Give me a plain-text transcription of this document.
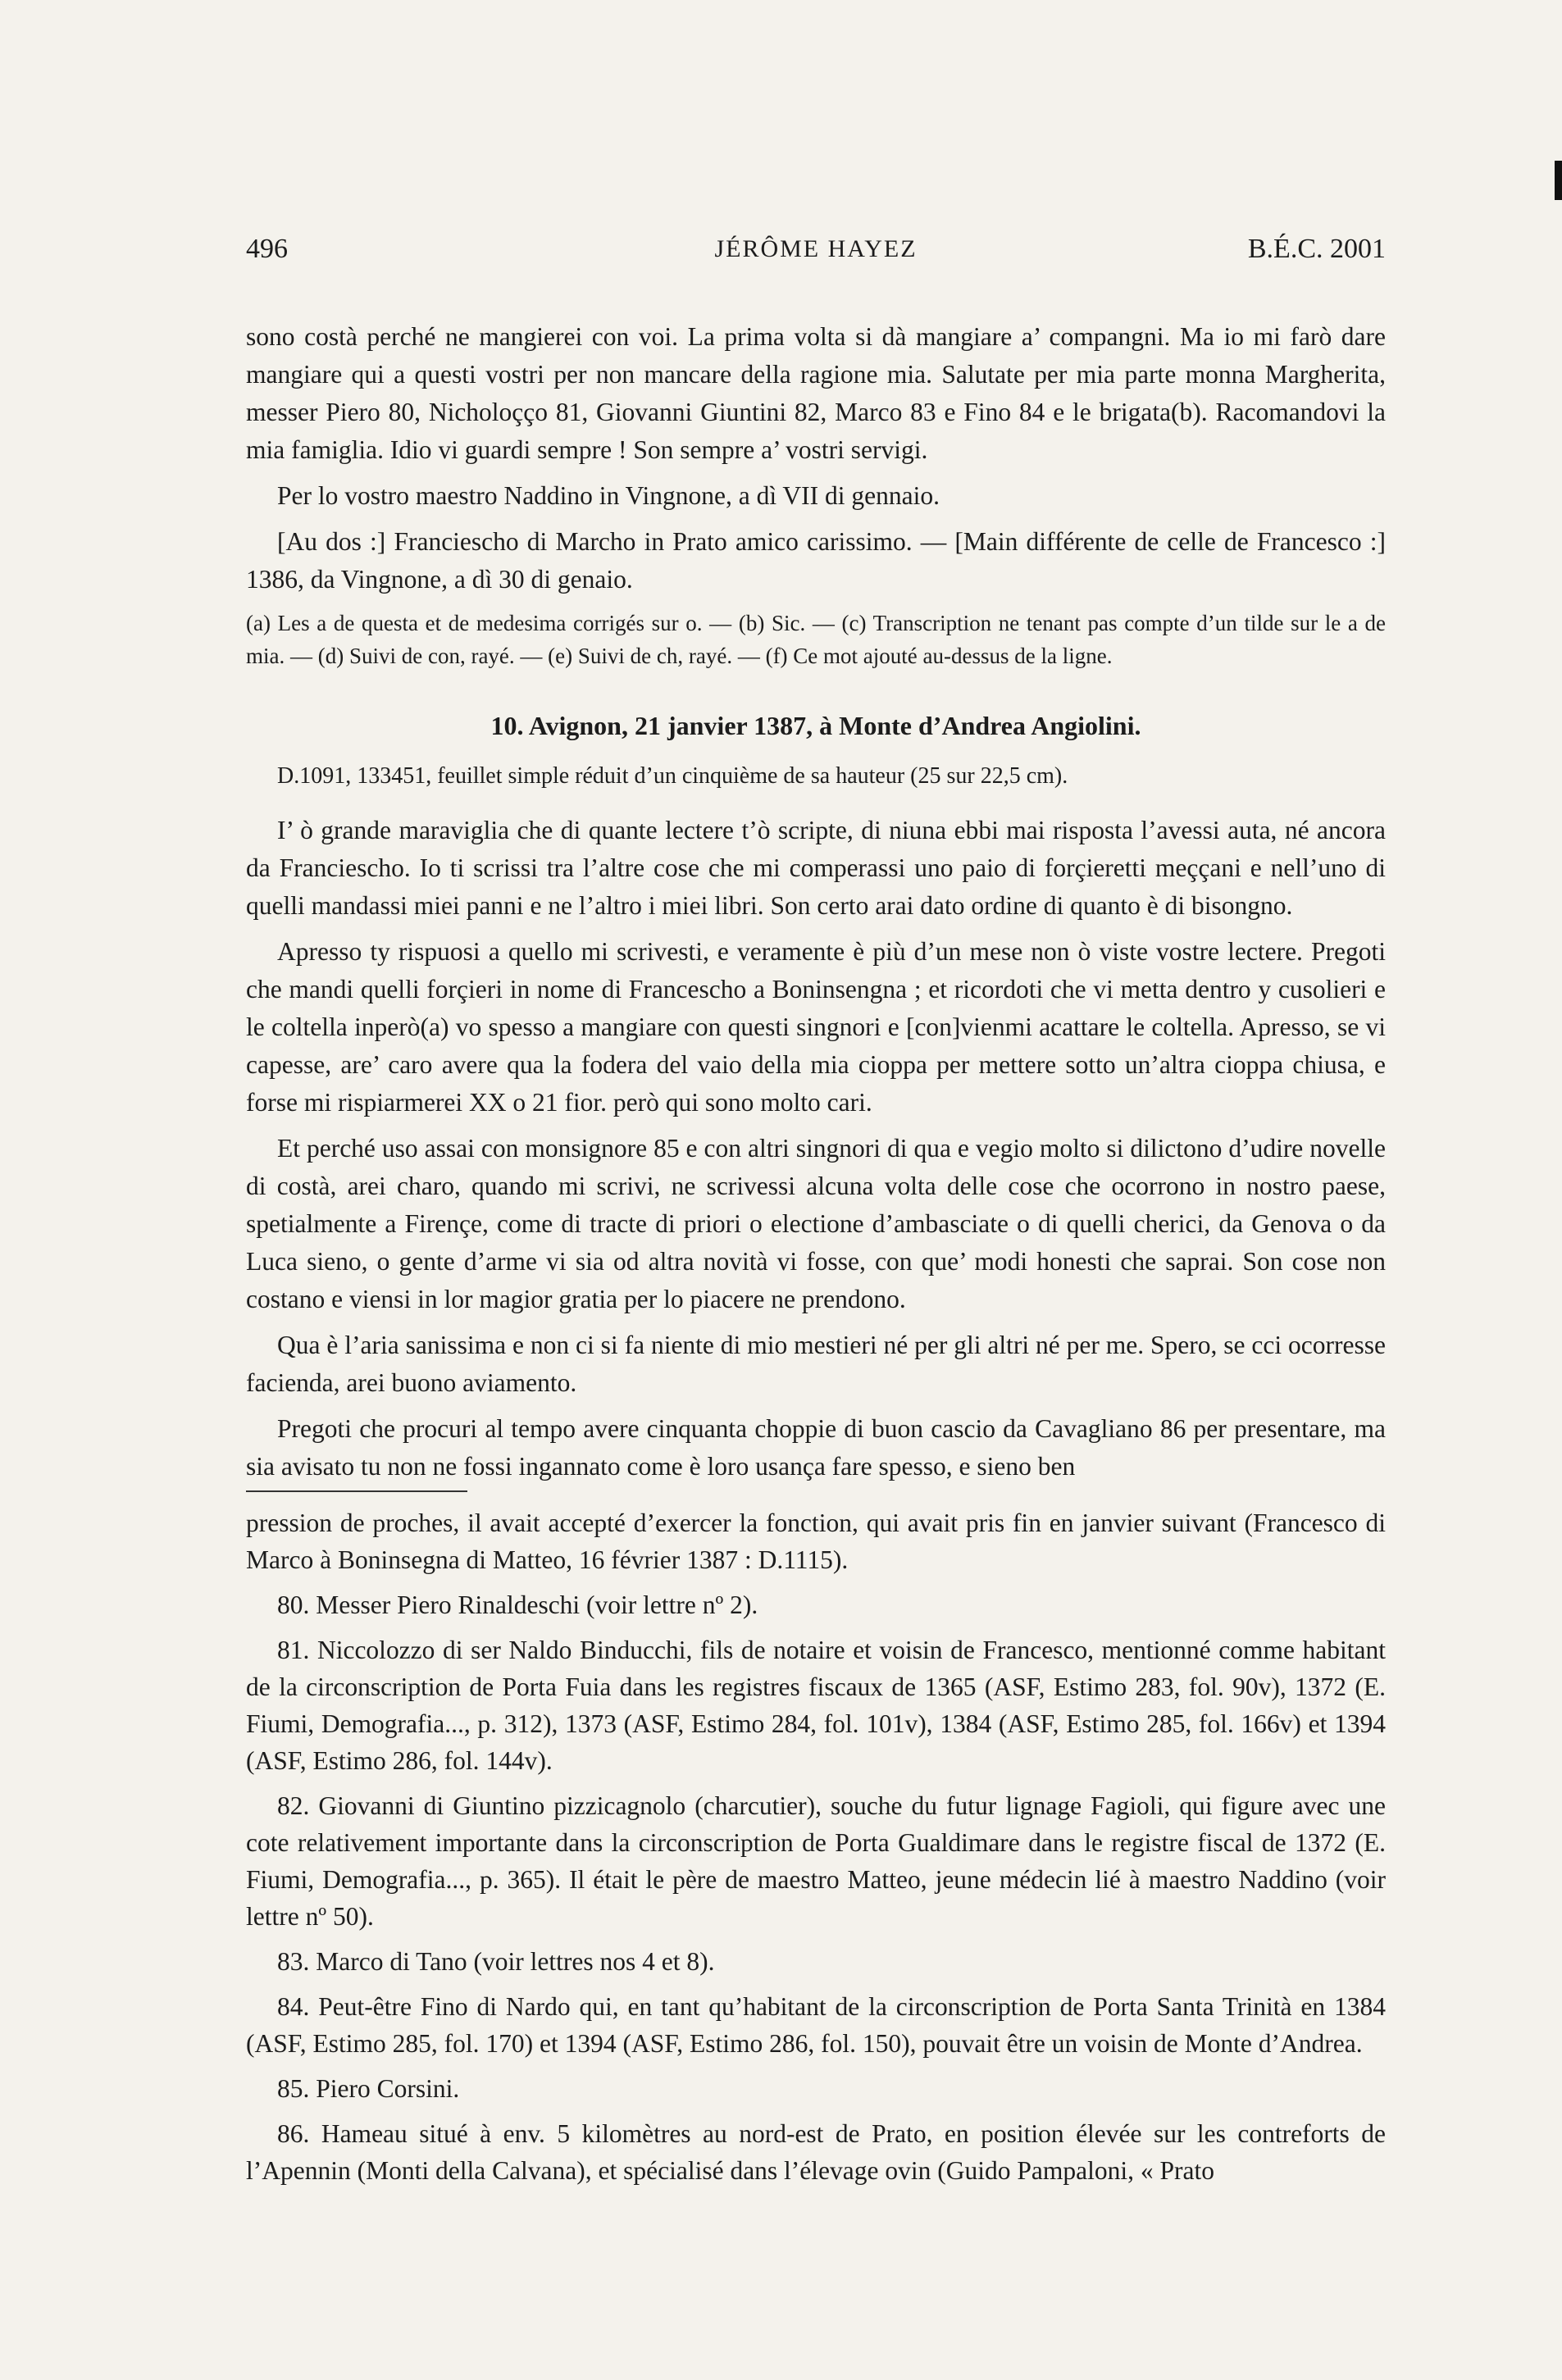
496	JÉRÔME HAYEZ	B.É.C. 2001

sono costà perché ne mangierei con voi. La prima volta si dà mangiare a’ compangni. Ma io mi farò dare mangiare qui a questi vostri per non mancare della ragione mia. Salutate per mia parte monna Margherita, messer Piero 80, Nicholoçço 81, Giovanni Giuntini 82, Marco 83 e Fino 84 e le brigata(b). Racomandovi la mia famiglia. Idio vi guardi sempre ! Son sempre a’ vostri servigi.

Per lo vostro maestro Naddino in Vingnone, a dì VII di gennaio.

[Au dos :] Franciescho di Marcho in Prato amico carissimo. — [Main différente de celle de Francesco :] 1386, da Vingnone, a dì 30 di genaio.

(a) Les a de questa et de medesima corrigés sur o. — (b) Sic. — (c) Transcription ne tenant pas compte d’un tilde sur le a de mia. — (d) Suivi de con, rayé. — (e) Suivi de ch, rayé. — (f) Ce mot ajouté au-dessus de la ligne.

10. Avignon, 21 janvier 1387, à Monte d’Andrea Angiolini.

D.1091, 133451, feuillet simple réduit d’un cinquième de sa hauteur (25 sur 22,5 cm).

I’ ò grande maraviglia che di quante lectere t’ò scripte, di niuna ebbi mai risposta l’avessi auta, né ancora da Franciescho. Io ti scrissi tra l’altre cose che mi comperassi uno paio di forçieretti meççani e nell’uno di quelli mandassi miei panni e ne l’altro i miei libri. Son certo arai dato ordine di quanto è di bisongno.

Apresso ty rispuosi a quello mi scrivesti, e veramente è più d’un mese non ò viste vostre lectere. Pregoti che mandi quelli forçieri in nome di Francescho a Boninsengna ; et ricordoti che vi metta dentro y cusolieri e le coltella inperò(a) vo spesso a mangiare con questi singnori e [con]vienmi acattare le coltella. Apresso, se vi capesse, are’ caro avere qua la fodera del vaio della mia cioppa per mettere sotto un’altra cioppa chiusa, e forse mi rispiarmerei XX o 21 fior. però qui sono molto cari.

Et perché uso assai con monsignore 85 e con altri singnori di qua e vegio molto si dilictono d’udire novelle di costà, arei charo, quando mi scrivi, ne scrivessi alcuna volta delle cose che ocorrono in nostro paese, spetialmente a Firençe, come di tracte di priori o electione d’ambasciate o di quelli cherici, da Genova o da Luca sieno, o gente d’arme vi sia od altra novità vi fosse, con que’ modi honesti che saprai. Son cose non costano e viensi in lor magior gratia per lo piacere ne prendono.

Qua è l’aria sanissima e non ci si fa niente di mio mestieri né per gli altri né per me. Spero, se cci ocorresse facienda, arei buono aviamento.

Pregoti che procuri al tempo avere cinquanta choppie di buon cascio da Cavagliano 86 per presentare, ma sia avisato tu non ne fossi ingannato come è loro usança fare spesso, e sieno ben

pression de proches, il avait accepté d’exercer la fonction, qui avait pris fin en janvier suivant (Francesco di Marco à Boninsegna di Matteo, 16 février 1387 : D.1115).

80. Messer Piero Rinaldeschi (voir lettre nº 2).

81. Niccolozzo di ser Naldo Binducchi, fils de notaire et voisin de Francesco, mentionné comme habitant de la circonscription de Porta Fuia dans les registres fiscaux de 1365 (ASF, Estimo 283, fol. 90v), 1372 (E. Fiumi, Demografia..., p. 312), 1373 (ASF, Estimo 284, fol. 101v), 1384 (ASF, Estimo 285, fol. 166v) et 1394 (ASF, Estimo 286, fol. 144v).

82. Giovanni di Giuntino pizzicagnolo (charcutier), souche du futur lignage Fagioli, qui figure avec une cote relativement importante dans la circonscription de Porta Gualdimare dans le registre fiscal de 1372 (E. Fiumi, Demografia..., p. 365). Il était le père de maestro Matteo, jeune médecin lié à maestro Naddino (voir lettre nº 50).

83. Marco di Tano (voir lettres nos 4 et 8).

84. Peut-être Fino di Nardo qui, en tant qu’habitant de la circonscription de Porta Santa Trinità en 1384 (ASF, Estimo 285, fol. 170) et 1394 (ASF, Estimo 286, fol. 150), pouvait être un voisin de Monte d’Andrea.

85. Piero Corsini.

86. Hameau situé à env. 5 kilomètres au nord-est de Prato, en position élevée sur les contreforts de l’Apennin (Monti della Calvana), et spécialisé dans l’élevage ovin (Guido Pampaloni, « Prato
